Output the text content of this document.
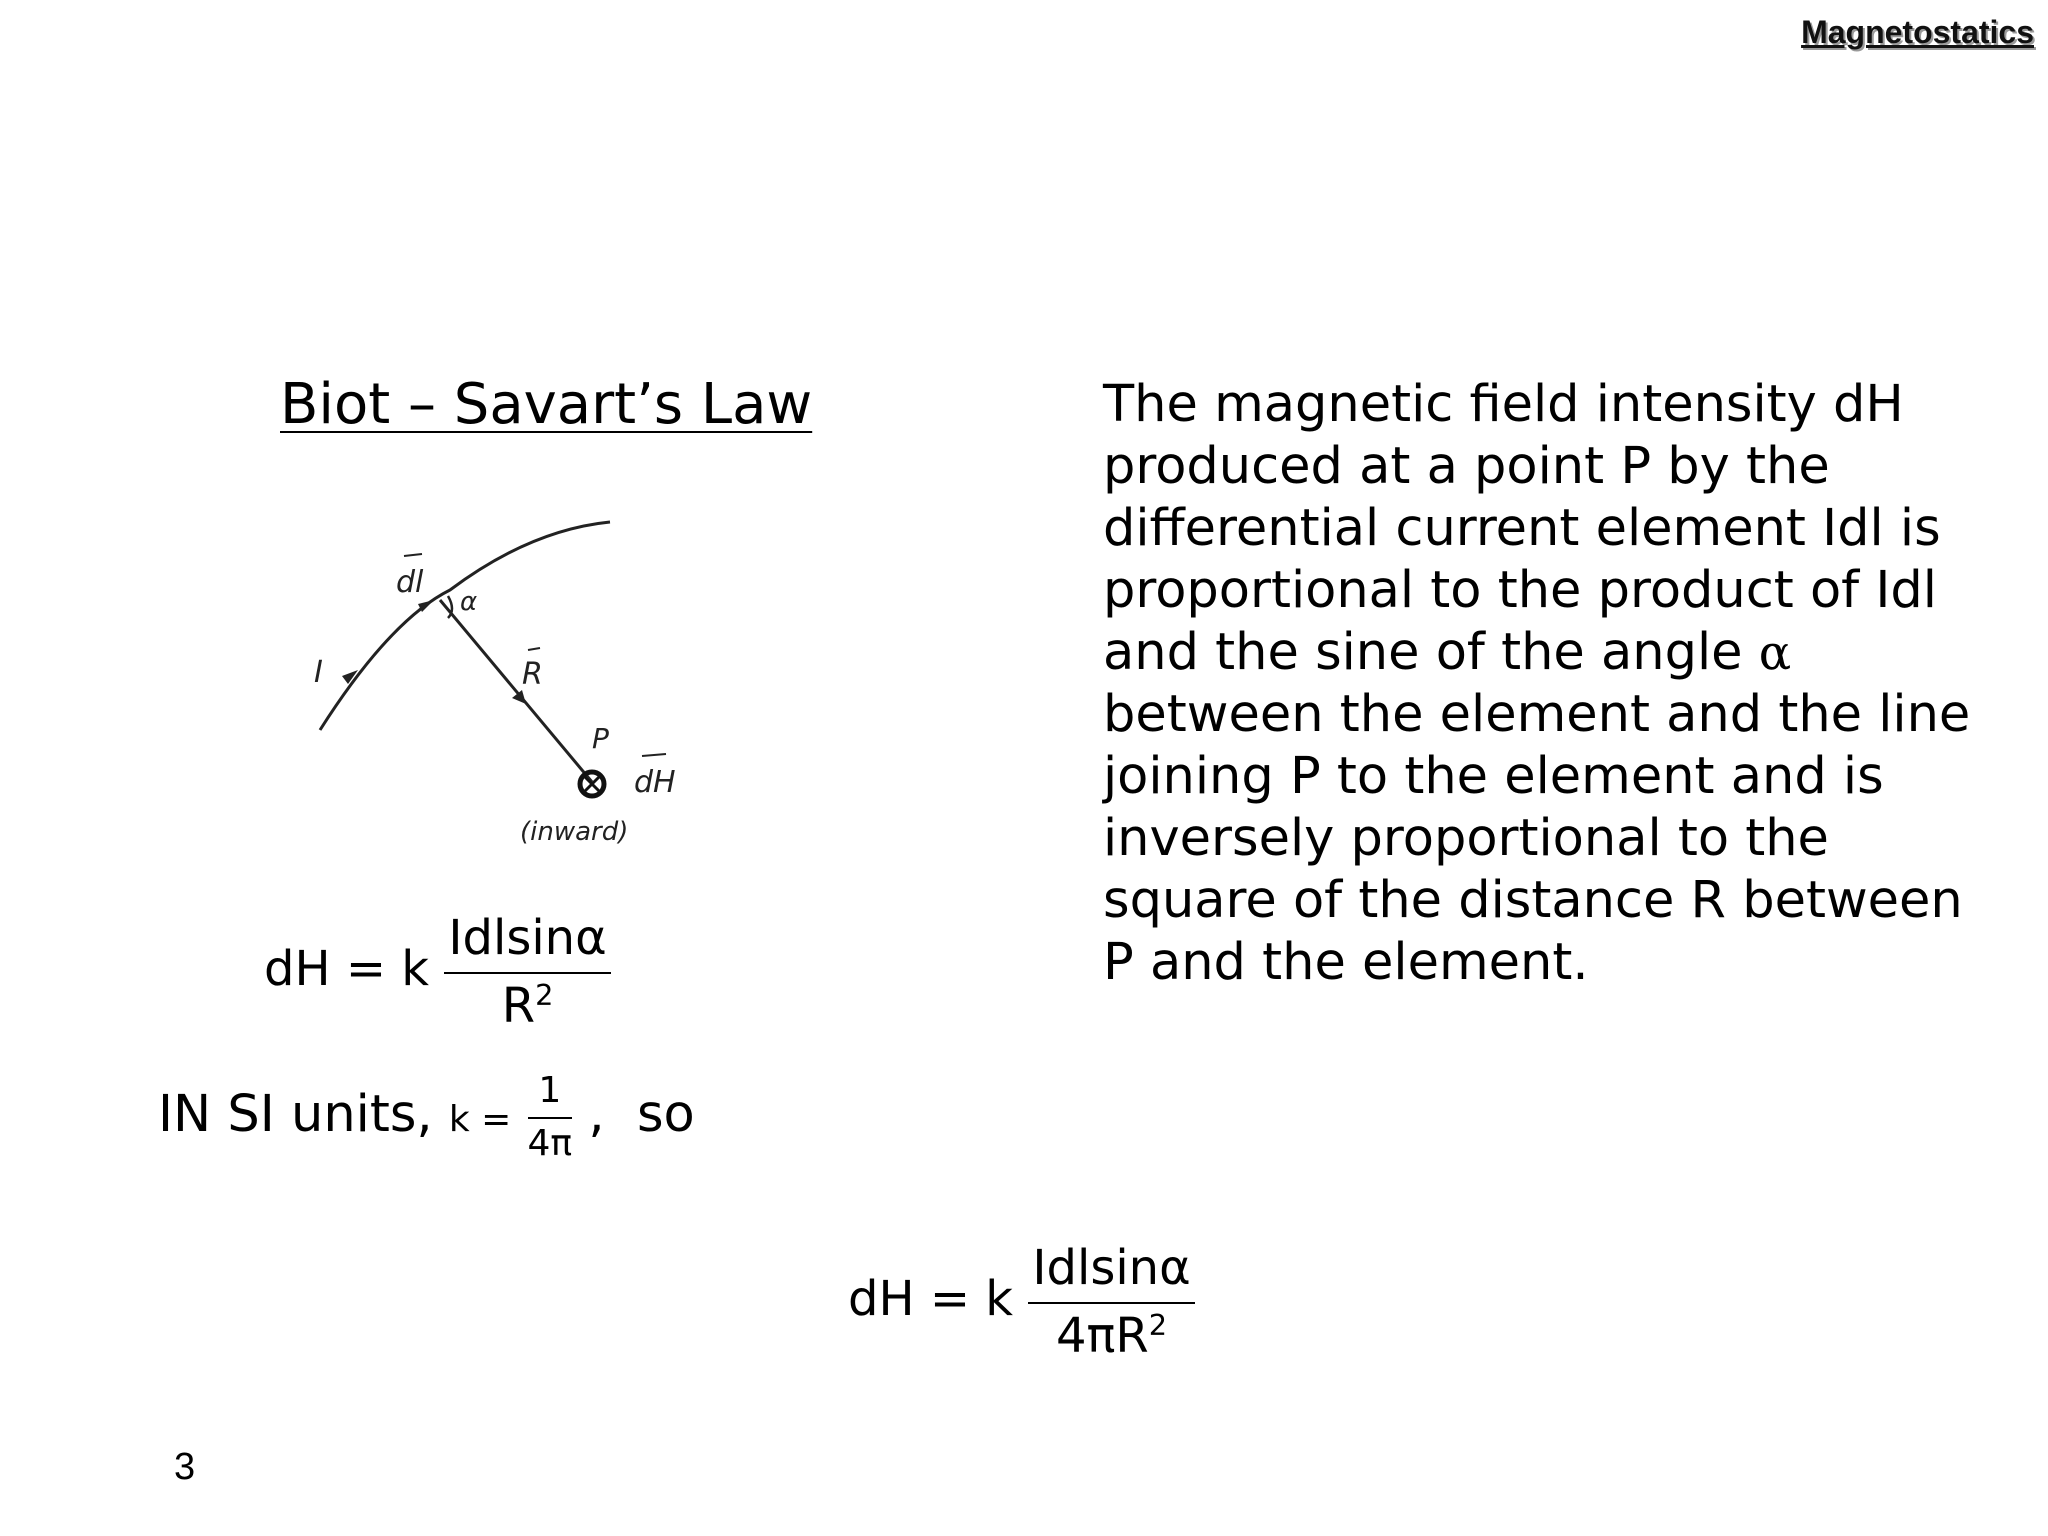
Magnetostatics
Biot – Savart’s Law
I
dl
α
R
P
dH
(inward)
dH = k $\frac{\text{Idlsinα}}{R^2}$
IN SI units, $k = \frac{1}{4\pi}$ ,  so
The magnetic field intensity dH produced at a point P by the differential current element Idl is proportional to the product of Idl and the sine of the angle α between the element and the line joining P to the element and is inversely proportional to the square of the distance R between P and the element.
dH = k $\frac{\text{Idlsinα}}{4\pi R^2}$
3
